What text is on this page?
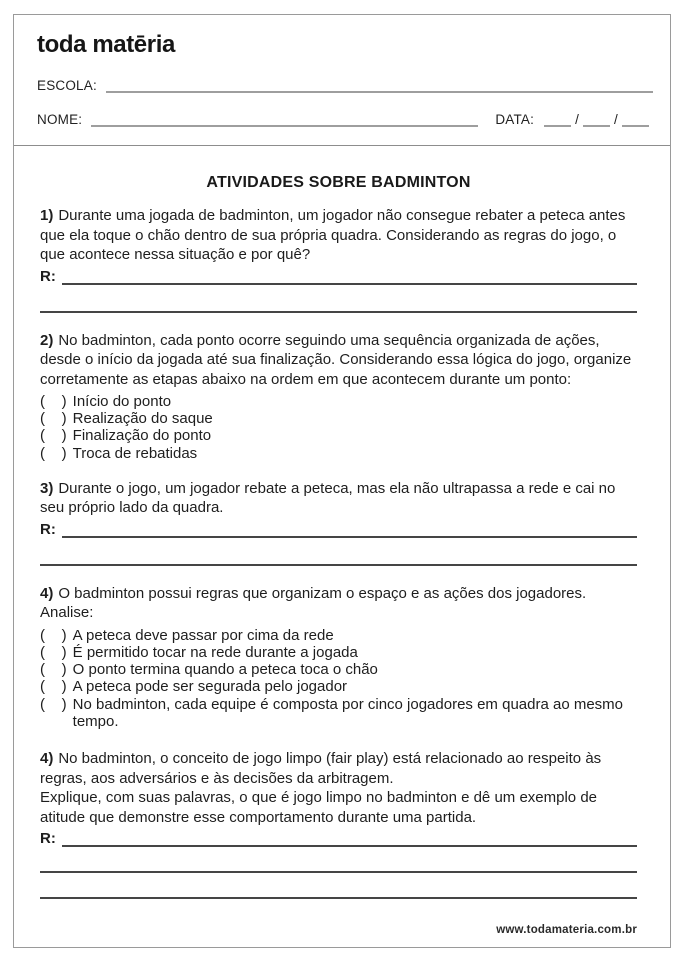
toda matēria
ESCOLA:
NOME:	DATA:	/	/
ATIVIDADES SOBRE BADMINTON

1) Durante uma jogada de badminton, um jogador não consegue rebater a peteca antes que ela toque o chão dentro de sua própria quadra. Considerando as regras do jogo, o que acontece nessa situação e por quê?

R:

2) No badminton, cada ponto ocorre seguindo uma sequência organizada de ações, desde o início da jogada até sua finalização. Considerando essa lógica do jogo, organize corretamente as etapas abaixo na ordem em que acontecem durante um ponto:

(    ) Início do ponto
(    ) Realização do saque
(    ) Finalização do ponto
(    ) Troca de rebatidas

3) Durante o jogo, um jogador rebate a peteca, mas ela não ultrapassa a rede e cai no seu próprio lado da quadra.

R:

4) O badminton possui regras que organizam o espaço e as ações dos jogadores.
Analise:

(    ) A peteca deve passar por cima da rede
(    ) É permitido tocar na rede durante a jogada
(    ) O ponto termina quando a peteca toca o chão
(    ) A peteca pode ser segurada pelo jogador
(    ) No badminton, cada equipe é composta por cinco jogadores em quadra ao mesmo tempo.

4) No badminton, o conceito de jogo limpo (fair play) está relacionado ao respeito às regras, aos adversários e às decisões da arbitragem.
Explique, com suas palavras, o que é jogo limpo no badminton e dê um exemplo de atitude que demonstre esse comportamento durante uma partida.

R:
www.todamateria.com.br
